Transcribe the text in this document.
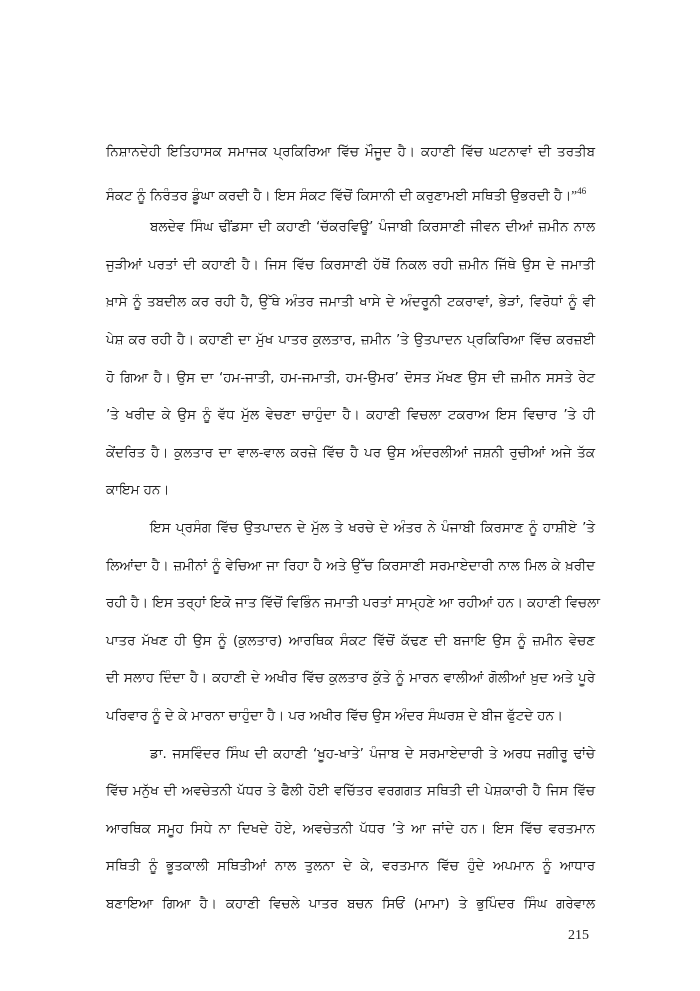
ਨਿਸ਼ਾਨਦੇਹੀ ਇਤਿਹਾਸਕ ਸਮਾਜਕ ਪ੍ਰਕਿਰਿਆ ਵਿੱਚ ਮੌਜੂਦ ਹੈ। ਕਹਾਣੀ ਵਿੱਚ ਘਟਨਾਵਾਂ ਦੀ ਤਰਤੀਬ
ਸੰਕਟ ਨੂੰ ਨਿਰੰਤਰ ਡੂੰਘਾ ਕਰਦੀ ਹੈ। ਇਸ ਸੰਕਟ ਵਿੱਚੋਂ ਕਿਸਾਨੀ ਦੀ ਕਰੁਣਾਮਈ ਸਥਿਤੀ ਉਭਰਦੀ ਹੈ।”$^{46}$
ਬਲਦੇਵ ਸਿੰਘ ਢੀਂਡਸਾ ਦੀ ਕਹਾਣੀ ‘ਚੱਕਰਵਿਊ’ ਪੰਜਾਬੀ ਕਿਰਸਾਣੀ ਜੀਵਨ ਦੀਆਂ ਜ਼ਮੀਨ ਨਾਲ
ਜੁੜੀਆਂ ਪਰਤਾਂ ਦੀ ਕਹਾਣੀ ਹੈ। ਜਿਸ ਵਿੱਚ ਕਿਰਸਾਣੀ ਹੱਥੋਂ ਨਿਕਲ ਰਹੀ ਜ਼ਮੀਨ ਜਿੱਥੇ ਉਸ ਦੇ ਜਮਾਤੀ
ਖ਼ਾਸੇ ਨੂੰ ਤਬਦੀਲ ਕਰ ਰਹੀ ਹੈ, ਉੱਥੇ ਅੰਤਰ ਜਮਾਤੀ ਖਾਸੇ ਦੇ ਅੰਦਰੂਨੀ ਟਕਰਾਵਾਂ, ਭੇੜਾਂ, ਵਿਰੋਧਾਂ ਨੂੰ ਵੀ
ਪੇਸ਼ ਕਰ ਰਹੀ ਹੈ। ਕਹਾਣੀ ਦਾ ਮੁੱਖ ਪਾਤਰ ਕੁਲਤਾਰ, ਜ਼ਮੀਨ ’ਤੇ ਉਤਪਾਦਨ ਪ੍ਰਕਿਰਿਆ ਵਿੱਚ ਕਰਜ਼ਈ
ਹੋ ਗਿਆ ਹੈ। ਉਸ ਦਾ ‘ਹਮ-ਜਾਤੀ, ਹਮ-ਜਮਾਤੀ, ਹਮ-ਉਮਰ’ ਦੋਸਤ ਮੱਖਣ ਉਸ ਦੀ ਜ਼ਮੀਨ ਸਸਤੇ ਰੇਟ
’ਤੇ ਖਰੀਦ ਕੇ ਉਸ ਨੂੰ ਵੱਧ ਮੁੱਲ ਵੇਚਣਾ ਚਾਹੁੰਦਾ ਹੈ। ਕਹਾਣੀ ਵਿਚਲਾ ਟਕਰਾਅ ਇਸ ਵਿਚਾਰ ’ਤੇ ਹੀ
ਕੇਂਦਰਿਤ ਹੈ। ਕੁਲਤਾਰ ਦਾ ਵਾਲ-ਵਾਲ ਕਰਜ਼ੇ ਵਿੱਚ ਹੈ ਪਰ ਉਸ ਅੰਦਰਲੀਆਂ ਜਸ਼ਨੀ ਰੁਚੀਆਂ ਅਜੇ ਤੱਕ
ਕਾਇਮ ਹਨ।
ਇਸ ਪ੍ਰਸੰਗ ਵਿੱਚ ਉਤਪਾਦਨ ਦੇ ਮੁੱਲ ਤੇ ਖਰਚੇ ਦੇ ਅੰਤਰ ਨੇ ਪੰਜਾਬੀ ਕਿਰਸਾਣ ਨੂੰ ਹਾਸ਼ੀਏ ’ਤੇ
ਲਿਆਂਦਾ ਹੈ। ਜ਼ਮੀਨਾਂ ਨੂੰ ਵੇਚਿਆ ਜਾ ਰਿਹਾ ਹੈ ਅਤੇ ਉੱਚ ਕਿਰਸਾਣੀ ਸਰਮਾਏਦਾਰੀ ਨਾਲ ਮਿਲ ਕੇ ਖ਼ਰੀਦ
ਰਹੀ ਹੈ। ਇਸ ਤਰ੍ਹਾਂ ਇਕੋ ਜਾਤ ਵਿੱਚੋਂ ਵਿਭਿੰਨ ਜਮਾਤੀ ਪਰਤਾਂ ਸਾਮ੍ਹਣੇ ਆ ਰਹੀਆਂ ਹਨ। ਕਹਾਣੀ ਵਿਚਲਾ
ਪਾਤਰ ਮੱਖਣ ਹੀ ਉਸ ਨੂੰ (ਕੁਲਤਾਰ) ਆਰਥਿਕ ਸੰਕਟ ਵਿੱਚੋਂ ਕੱਢਣ ਦੀ ਬਜਾਇ ਉਸ ਨੂੰ ਜ਼ਮੀਨ ਵੇਚਣ
ਦੀ ਸਲਾਹ ਦਿੰਦਾ ਹੈ। ਕਹਾਣੀ ਦੇ ਅਖੀਰ ਵਿੱਚ ਕੁਲਤਾਰ ਕੁੱਤੇ ਨੂੰ ਮਾਰਨ ਵਾਲੀਆਂ ਗੋਲੀਆਂ ਖ਼ੁਦ ਅਤੇ ਪੂਰੇ
ਪਰਿਵਾਰ ਨੂੰ ਦੇ ਕੇ ਮਾਰਨਾ ਚਾਹੁੰਦਾ ਹੈ। ਪਰ ਅਖੀਰ ਵਿੱਚ ਉਸ ਅੰਦਰ ਸੰਘਰਸ਼ ਦੇ ਬੀਜ ਫੁੱਟਦੇ ਹਨ।
ਡਾ. ਜਸਵਿੰਦਰ ਸਿੰਘ ਦੀ ਕਹਾਣੀ ‘ਖੂਹ-ਖਾਤੇ’ ਪੰਜਾਬ ਦੇ ਸਰਮਾਏਦਾਰੀ ਤੇ ਅਰਧ ਜਗੀਰੂ ਢਾਂਚੇ
ਵਿੱਚ ਮਨੁੱਖ ਦੀ ਅਵਚੇਤਨੀ ਪੱਧਰ ਤੇ ਫੈਲੀ ਹੋਈ ਵਚਿੱਤਰ ਵਰਗਗਤ ਸਥਿਤੀ ਦੀ ਪੇਸ਼ਕਾਰੀ ਹੈ ਜਿਸ ਵਿੱਚ
ਆਰਥਿਕ ਸਮੂਹ ਸਿਧੇ ਨਾ ਦਿਖਦੇ ਹੋਏ, ਅਵਚੇਤਨੀ ਪੱਧਰ ’ਤੇ ਆ ਜਾਂਦੇ ਹਨ। ਇਸ ਵਿੱਚ ਵਰਤਮਾਨ
ਸਥਿਤੀ ਨੂੰ ਭੂਤਕਾਲੀ ਸਥਿਤੀਆਂ ਨਾਲ ਤੁਲਨਾ ਦੇ ਕੇ, ਵਰਤਮਾਨ ਵਿੱਚ ਹੁੰਦੇ ਅਪਮਾਨ ਨੂੰ ਆਧਾਰ
ਬਣਾਇਆ ਗਿਆ ਹੈ। ਕਹਾਣੀ ਵਿਚਲੇ ਪਾਤਰ ਬਚਨ ਸਿਓਂ (ਮਾਮਾ) ਤੇ ਭੁਪਿੰਦਰ ਸਿੰਘ ਗਰੇਵਾਲ
215
